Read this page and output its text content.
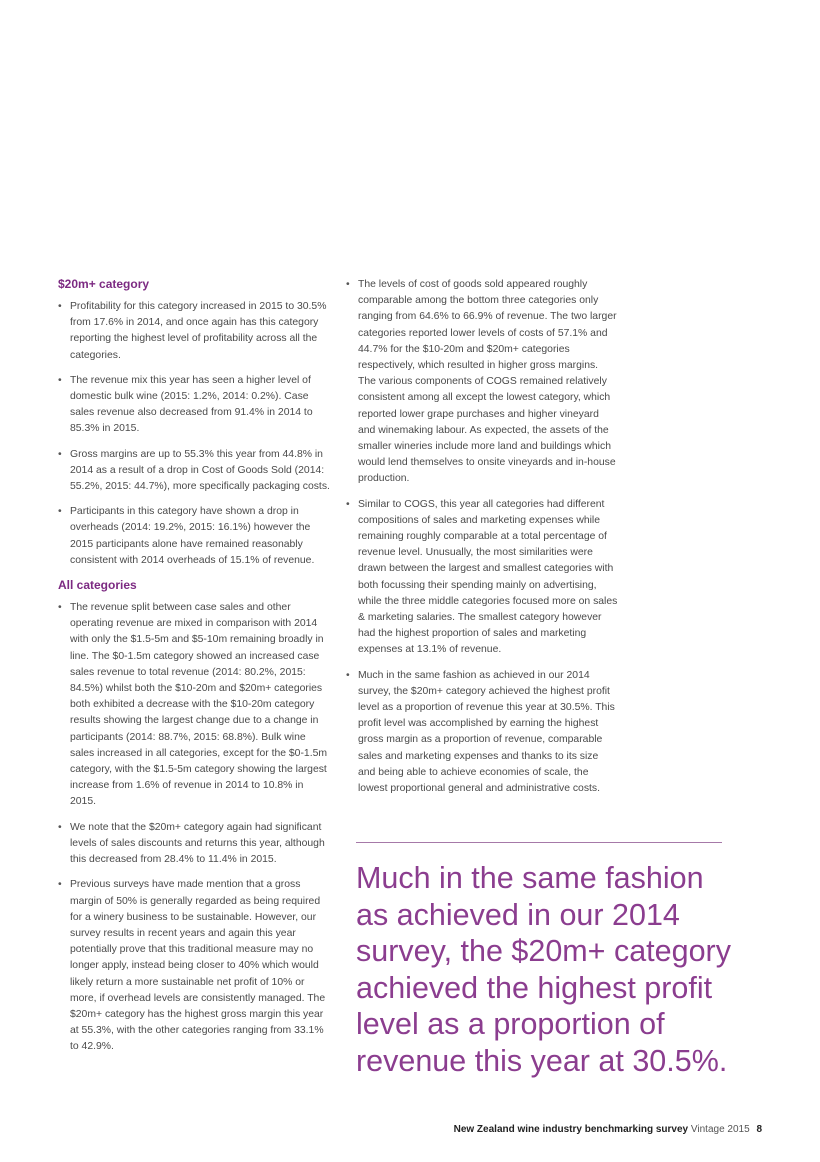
$20m+ category
• Profitability for this category increased in 2015 to 30.5% from 17.6% in 2014, and once again has this category reporting the highest level of profitability across all the categories.
• The revenue mix this year has seen a higher level of domestic bulk wine (2015: 1.2%, 2014: 0.2%). Case sales revenue also decreased from 91.4% in 2014 to 85.3% in 2015.
• Gross margins are up to 55.3% this year from 44.8% in 2014 as a result of a drop in Cost of Goods Sold (2014: 55.2%, 2015: 44.7%), more specifically packaging costs.
• Participants in this category have shown a drop in overheads (2014: 19.2%, 2015: 16.1%) however the 2015 participants alone have remained reasonably consistent with 2014 overheads of 15.1% of revenue.
All categories
• The revenue split between case sales and other operating revenue are mixed in comparison with 2014 with only the $1.5-5m and $5-10m remaining broadly in line. The $0-1.5m category showed an increased case sales revenue to total revenue (2014: 80.2%, 2015: 84.5%) whilst both the $10-20m and $20m+ categories both exhibited a decrease with the $10-20m category results showing the largest change due to a change in participants (2014: 88.7%, 2015: 68.8%). Bulk wine sales increased in all categories, except for the $0-1.5m category, with the $1.5-5m category showing the largest increase from 1.6% of revenue in 2014 to 10.8% in 2015.
• We note that the $20m+ category again had significant levels of sales discounts and returns this year, although this decreased from 28.4% to 11.4% in 2015.
• Previous surveys have made mention that a gross margin of 50% is generally regarded as being required for a winery business to be sustainable. However, our survey results in recent years and again this year potentially prove that this traditional measure may no longer apply, instead being closer to 40% which would likely return a more sustainable net profit of 10% or more, if overhead levels are consistently managed. The $20m+ category has the highest gross margin this year at 55.3%, with the other categories ranging from 33.1% to 42.9%.
• The levels of cost of goods sold appeared roughly comparable among the bottom three categories only ranging from 64.6% to 66.9% of revenue. The two larger categories reported lower levels of costs of 57.1% and 44.7% for the $10-20m and $20m+ categories respectively, which resulted in higher gross margins. The various components of COGS remained relatively consistent among all except the lowest category, which reported lower grape purchases and higher vineyard and winemaking labour. As expected, the assets of the smaller wineries include more land and buildings which would lend themselves to onsite vineyards and in-house production.
• Similar to COGS, this year all categories had different compositions of sales and marketing expenses while remaining roughly comparable at a total percentage of revenue level. Unusually, the most similarities were drawn between the largest and smallest categories with both focussing their spending mainly on advertising, while the three middle categories focused more on sales & marketing salaries. The smallest category however had the highest proportion of sales and marketing expenses at 13.1% of revenue.
• Much in the same fashion as achieved in our 2014 survey, the $20m+ category achieved the highest profit level as a proportion of revenue this year at 30.5%. This profit level was accomplished by earning the highest gross margin as a proportion of revenue, comparable sales and marketing expenses and thanks to its size and being able to achieve economies of scale, the lowest proportional general and administrative costs.
Much in the same fashion as achieved in our 2014 survey, the $20m+ category achieved the highest profit level as a proportion of revenue this year at 30.5%.
New Zealand wine industry benchmarking survey Vintage 2015 8
